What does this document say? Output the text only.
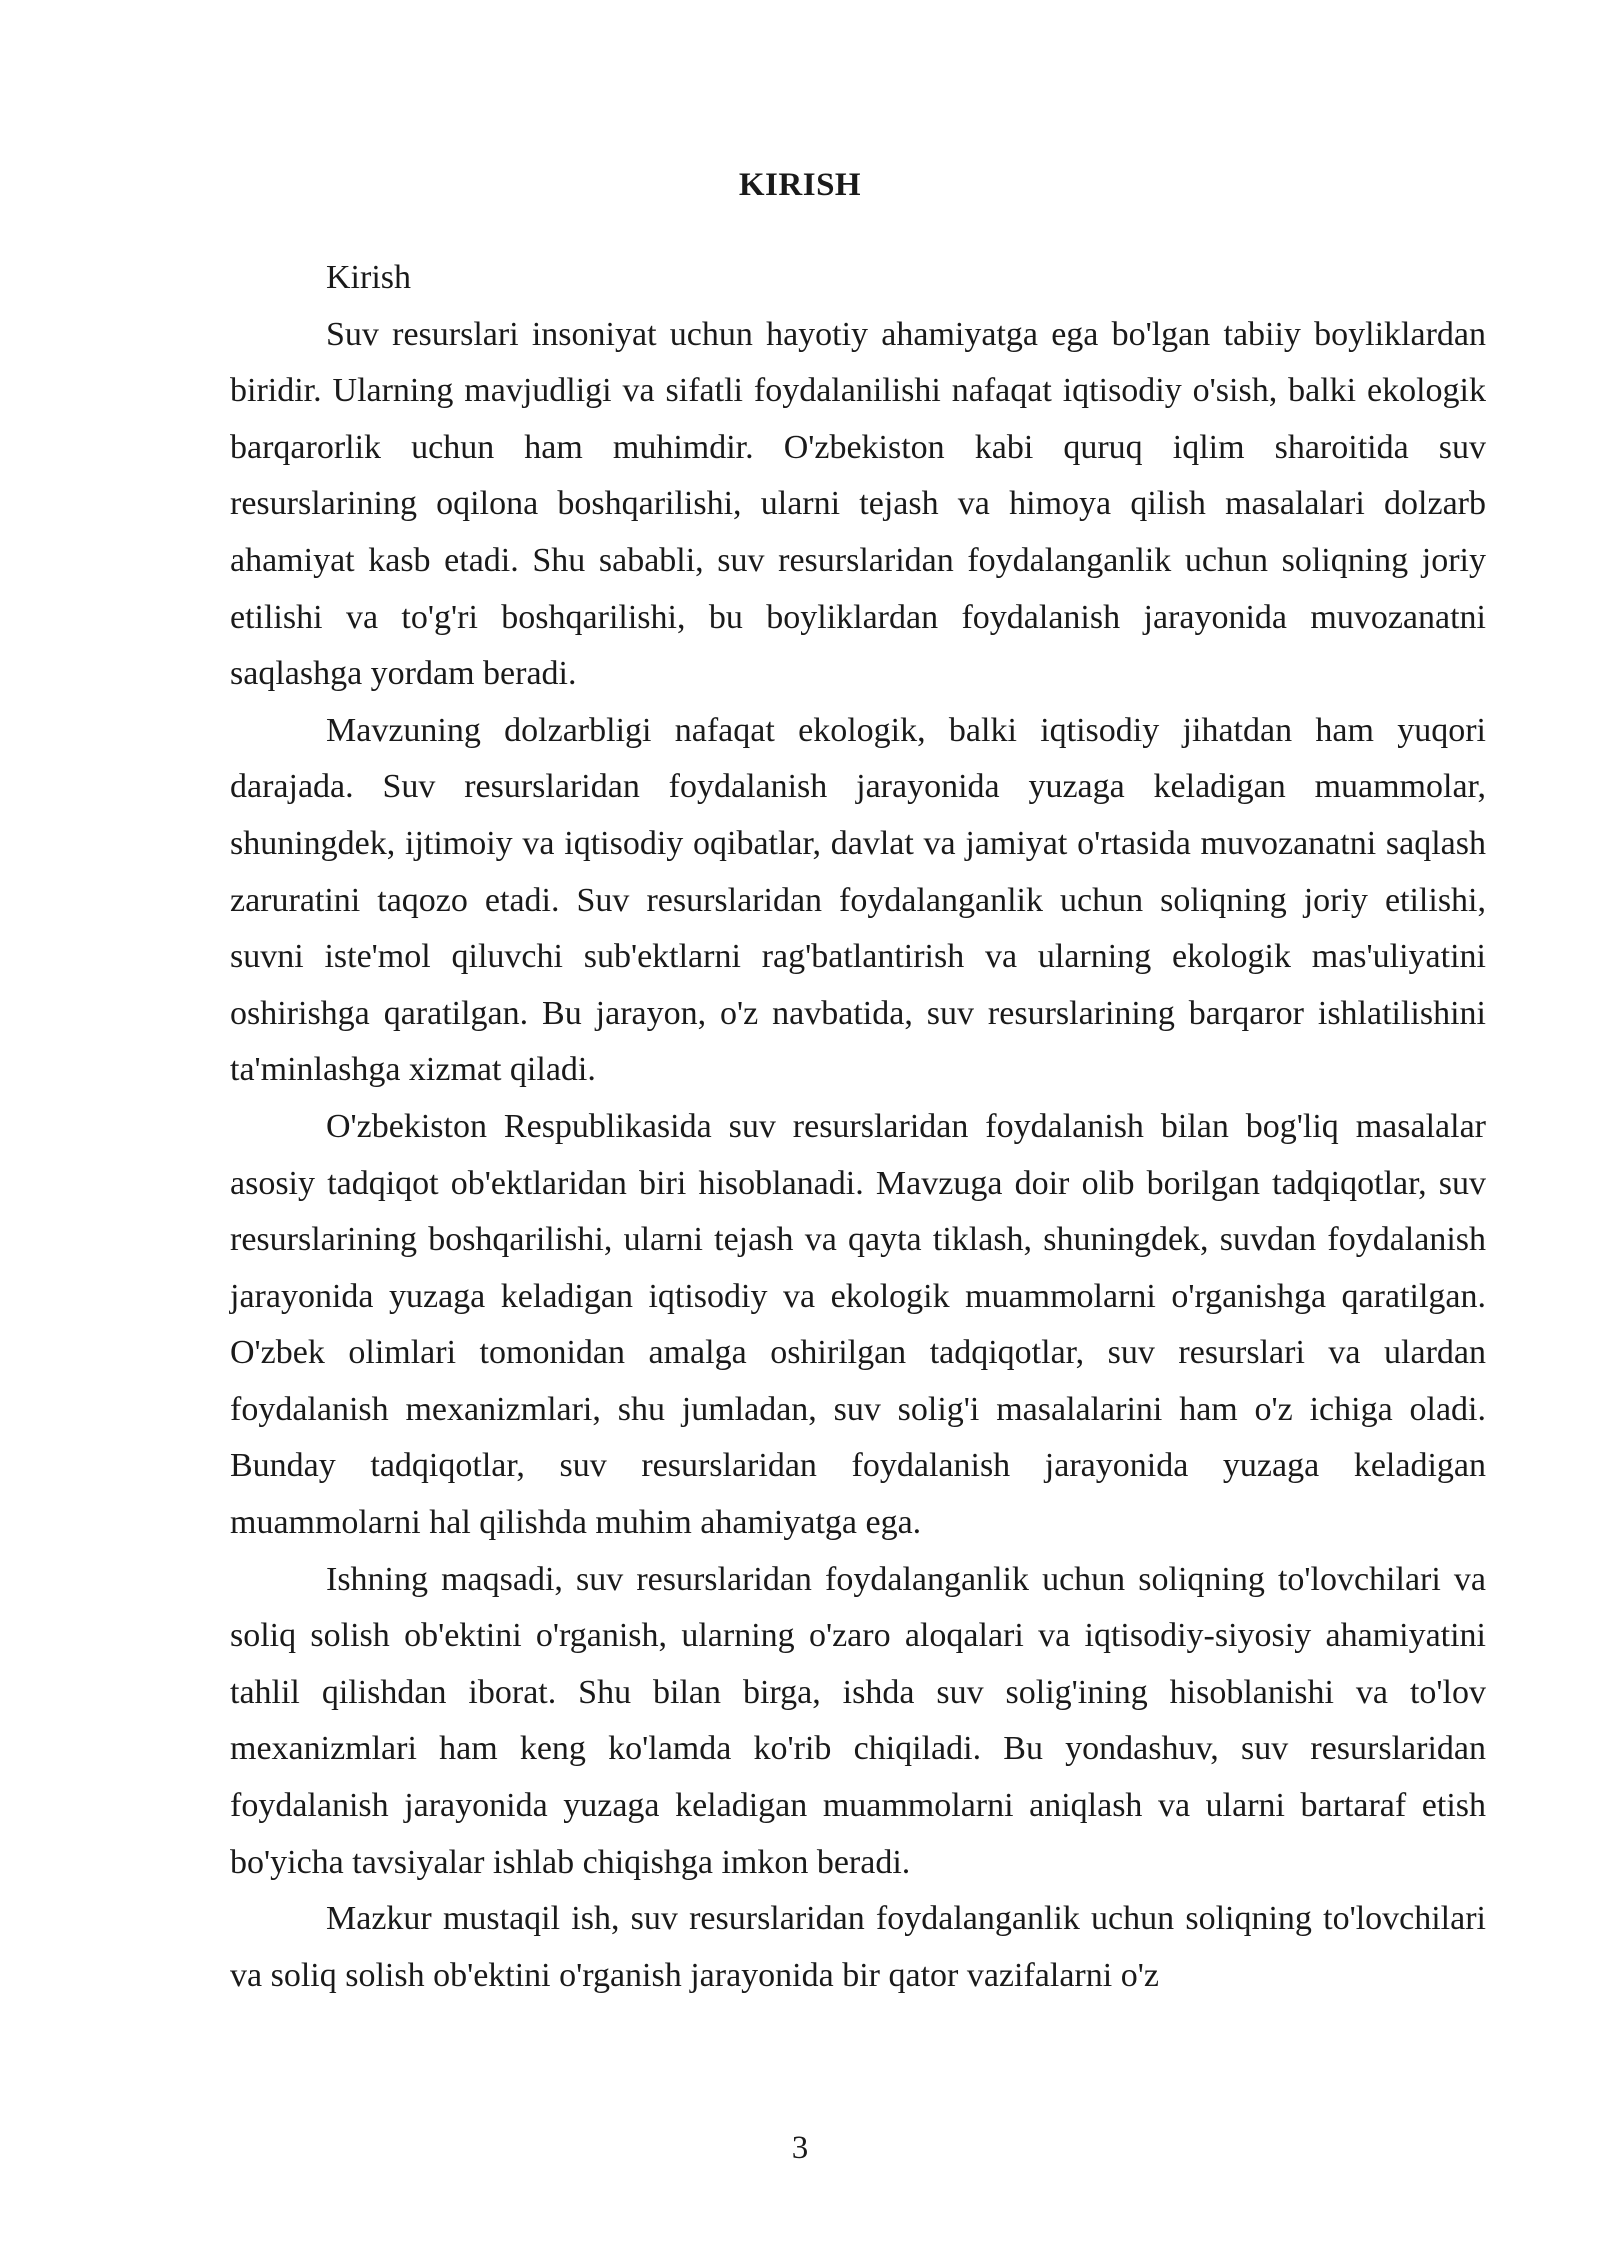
KIRISH

Kirish

Suv resurslari insoniyat uchun hayotiy ahamiyatga ega bo'lgan tabiiy boyliklardan biridir. Ularning mavjudligi va sifatli foydalanilishi nafaqat iqtisodiy o'sish, balki ekologik barqarorlik uchun ham muhimdir. O'zbekiston kabi quruq iqlim sharoitida suv resurslarining oqilona boshqarilishi, ularni tejash va himoya qilish masalalari dolzarb ahamiyat kasb etadi. Shu sababli, suv resurslaridan foydalanganlik uchun soliqning joriy etilishi va to'g'ri boshqarilishi, bu boyliklardan foydalanish jarayonida muvozanatni saqlashga yordam beradi.

Mavzuning dolzarbligi nafaqat ekologik, balki iqtisodiy jihatdan ham yuqori darajada. Suv resurslaridan foydalanish jarayonida yuzaga keladigan muammolar, shuningdek, ijtimoiy va iqtisodiy oqibatlar, davlat va jamiyat o'rtasida muvozanatni saqlash zaruratini taqozo etadi. Suv resurslaridan foydalanganlik uchun soliqning joriy etilishi, suvni iste'mol qiluvchi sub'ektlarni rag'batlantirish va ularning ekologik mas'uliyatini oshirishga qaratilgan. Bu jarayon, o'z navbatida, suv resurslarining barqaror ishlatilishini ta'minlashga xizmat qiladi.

O'zbekiston Respublikasida suv resurslaridan foydalanish bilan bog'liq masalalar asosiy tadqiqot ob'ektlaridan biri hisoblanadi. Mavzuga doir olib borilgan tadqiqotlar, suv resurslarining boshqarilishi, ularni tejash va qayta tiklash, shuningdek, suvdan foydalanish jarayonida yuzaga keladigan iqtisodiy va ekologik muammolarni o'rganishga qaratilgan. O'zbek olimlari tomonidan amalga oshirilgan tadqiqotlar, suv resurslari va ulardan foydalanish mexanizmlari, shu jumladan, suv solig'i masalalarini ham o'z ichiga oladi. Bunday tadqiqotlar, suv resurslaridan foydalanish jarayonida yuzaga keladigan muammolarni hal qilishda muhim ahamiyatga ega.

Ishning maqsadi, suv resurslaridan foydalanganlik uchun soliqning to'lovchilari va soliq solish ob'ektini o'rganish, ularning o'zaro aloqalari va iqtisodiy-siyosiy ahamiyatini tahlil qilishdan iborat. Shu bilan birga, ishda suv solig'ining hisoblanishi va to'lov mexanizmlari ham keng ko'lamda ko'rib chiqiladi. Bu yondashuv, suv resurslaridan foydalanish jarayonida yuzaga keladigan muammolarni aniqlash va ularni bartaraf etish bo'yicha tavsiyalar ishlab chiqishga imkon beradi.

Mazkur mustaqil ish, suv resurslaridan foydalanganlik uchun soliqning to'lovchilari va soliq solish ob'ektini o'rganish jarayonida bir qator vazifalarni o'z

3
